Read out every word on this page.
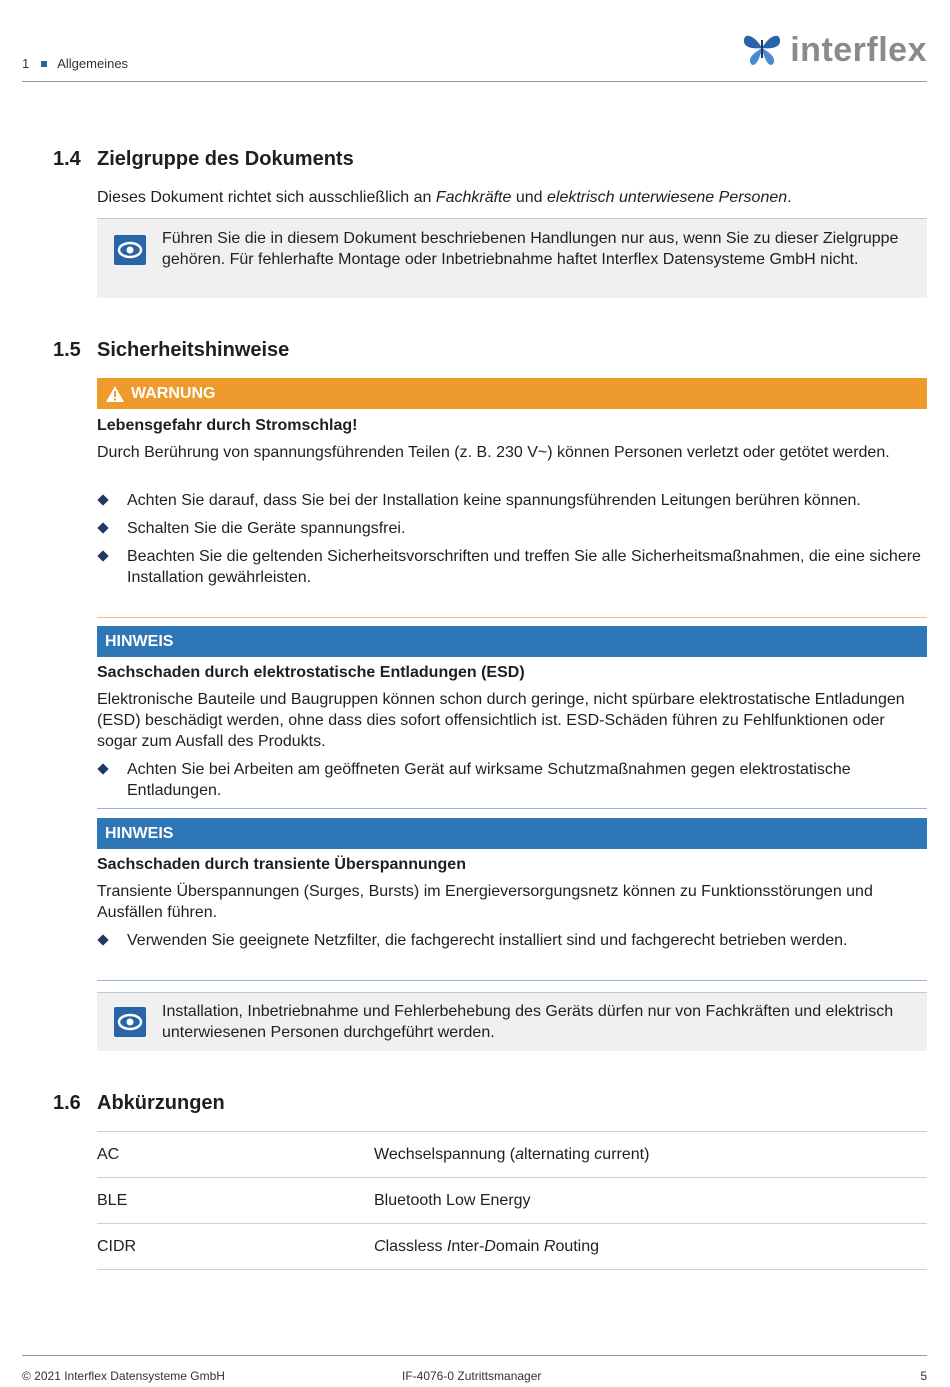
1 Allgemeines	interflex
1.4 Zielgruppe des Dokuments
Dieses Dokument richtet sich ausschließlich an Fachkräfte und elektrisch unterwiesene Personen.
Führen Sie die in diesem Dokument beschriebenen Handlungen nur aus, wenn Sie zu dieser Zielgruppe gehören. Für fehlerhafte Montage oder Inbetriebnahme haftet Interflex Datensysteme GmbH nicht.
1.5 Sicherheitshinweise
WARNUNG
Lebensgefahr durch Stromschlag!
Durch Berührung von spannungsführenden Teilen (z. B. 230 V~) können Personen verletzt oder getötet werden.
Achten Sie darauf, dass Sie bei der Installation keine spannungsführenden Leitungen berühren können.
Schalten Sie die Geräte spannungsfrei.
Beachten Sie die geltenden Sicherheitsvorschriften und treffen Sie alle Sicherheitsmaßnahmen, die eine sichere Installation gewährleisten.
HINWEIS
Sachschaden durch elektrostatische Entladungen (ESD)
Elektronische Bauteile und Baugruppen können schon durch geringe, nicht spürbare elektrostatische Entladungen (ESD) beschädigt werden, ohne dass dies sofort offensichtlich ist. ESD-Schäden führen zu Fehlfunktionen oder sogar zum Ausfall des Produkts.
Achten Sie bei Arbeiten am geöffneten Gerät auf wirksame Schutzmaßnahmen gegen elektrostatische Entladungen.
HINWEIS
Sachschaden durch transiente Überspannungen
Transiente Überspannungen (Surges, Bursts) im Energieversorgungsnetz können zu Funktionsstörungen und Ausfällen führen.
Verwenden Sie geeignete Netzfilter, die fachgerecht installiert sind und fachgerecht betrieben werden.
Installation, Inbetriebnahme und Fehlerbehebung des Geräts dürfen nur von Fachkräften und elektrisch unterwiesenen Personen durchgeführt werden.
1.6 Abkürzungen
AC	Wechselspannung (alternating current)
BLE	Bluetooth Low Energy
CIDR	Classless Inter-Domain Routing
© 2021 Interflex Datensysteme GmbH	IF-4076-0 Zutrittsmanager	5
